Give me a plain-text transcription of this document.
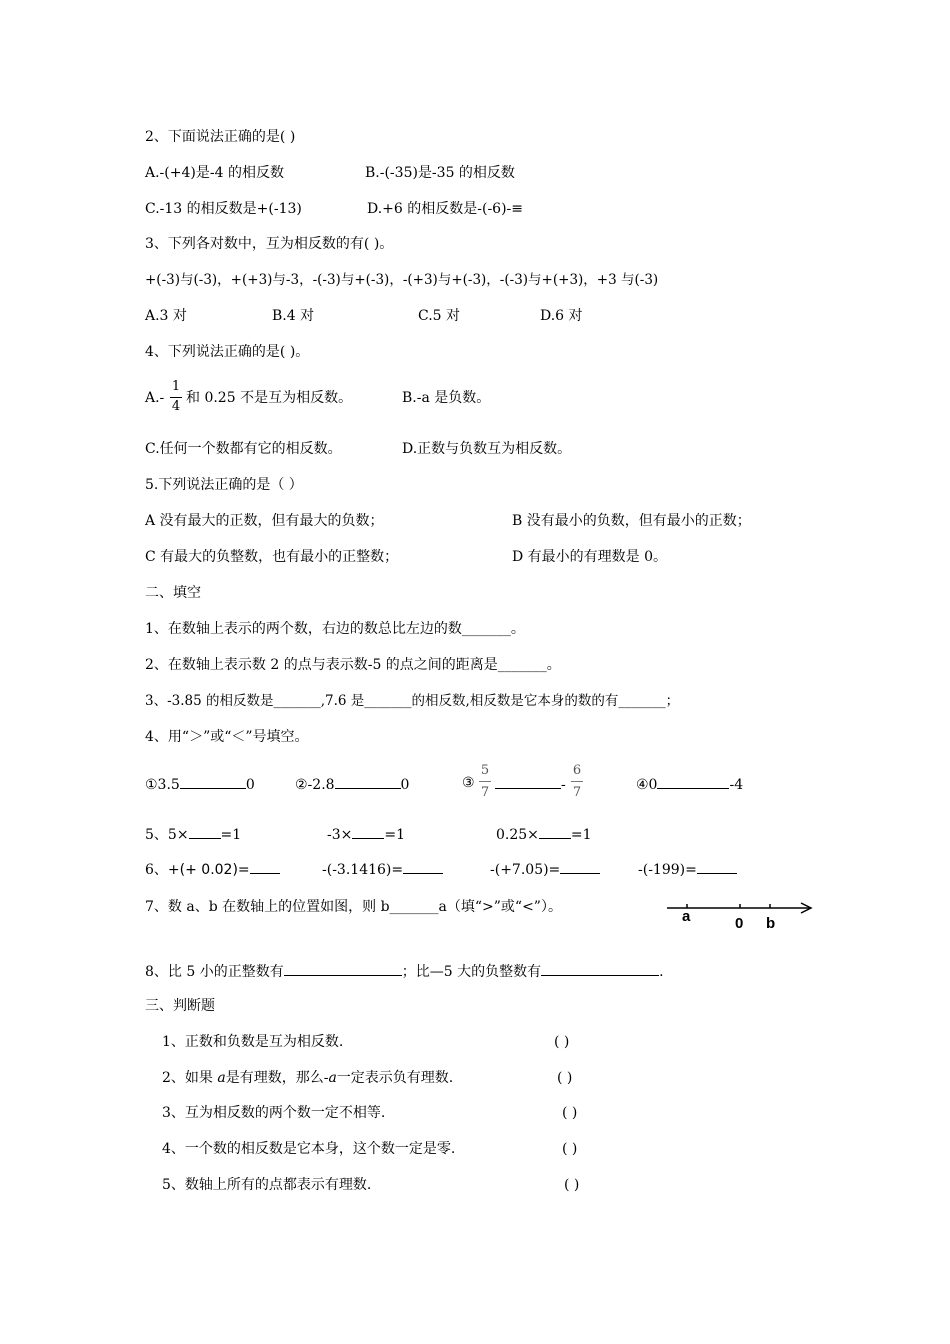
2、下面说法正确的是( )
A.-(+4)是-4 的相反数	B.-(-35)是-35 的相反数
C.-13 的相反数是+(-13)	D.+6 的相反数是-(-6)-≡
3、下列各对数中，互为相反数的有( )。
+(-3)与(-3)，+(+3)与-3，-(-3)与+(-3)，-(+3)与+(-3)，-(-3)与+(+3)，+3 与(-3)
A.3 对	B.4 对	C.5 对	D.6 对
4、下列说法正确的是( )。
A.-
1
4
和 0.25 不是互为相反数。	B.-a 是负数。
C.任何一个数都有它的相反数。	D.正数与负数互为相反数。
5.下列说法正确的是（ ）
A 没有最大的正数，但有最大的负数；	B 没有最小的负数，但有最小的正数；
C 有最大的负整数，也有最小的正整数；	D 有最小的有理数是 0。
二、填空
1、在数轴上表示的两个数，右边的数总比左边的数_______。
2、在数轴上表示数 2 的点与表示数-5 的点之间的距离是_______。
3、-3.85 的相反数是_______,7.6 是_______的相反数,相反数是它本身的数的有_______；
4、用“＞”或“＜”号填空。
①3.5	0	②-2.8	0	③
5
7	-
6
7	④0	-4
5、5× =1	-3× =1	0.25× =1
6、+(+ 0.02)=	-(-3.1416)=	-(+7.05)=	-(-199)=
7、数 a、b 在数轴上的位置如图，则 b_______a（填“>”或“<”）。
a	0 b
8、比 5 小的正整数有	；比—5 大的负整数有	.
三、判断题
1、正数和负数是互为相反数.	( )
2、如果 a是有理数，那么-a一定表示负有理数.	( )
3、互为相反数的两个数一定不相等.	( )
4、一个数的相反数是它本身，这个数一定是零.	( )
5、数轴上所有的点都表示有理数.	( )
